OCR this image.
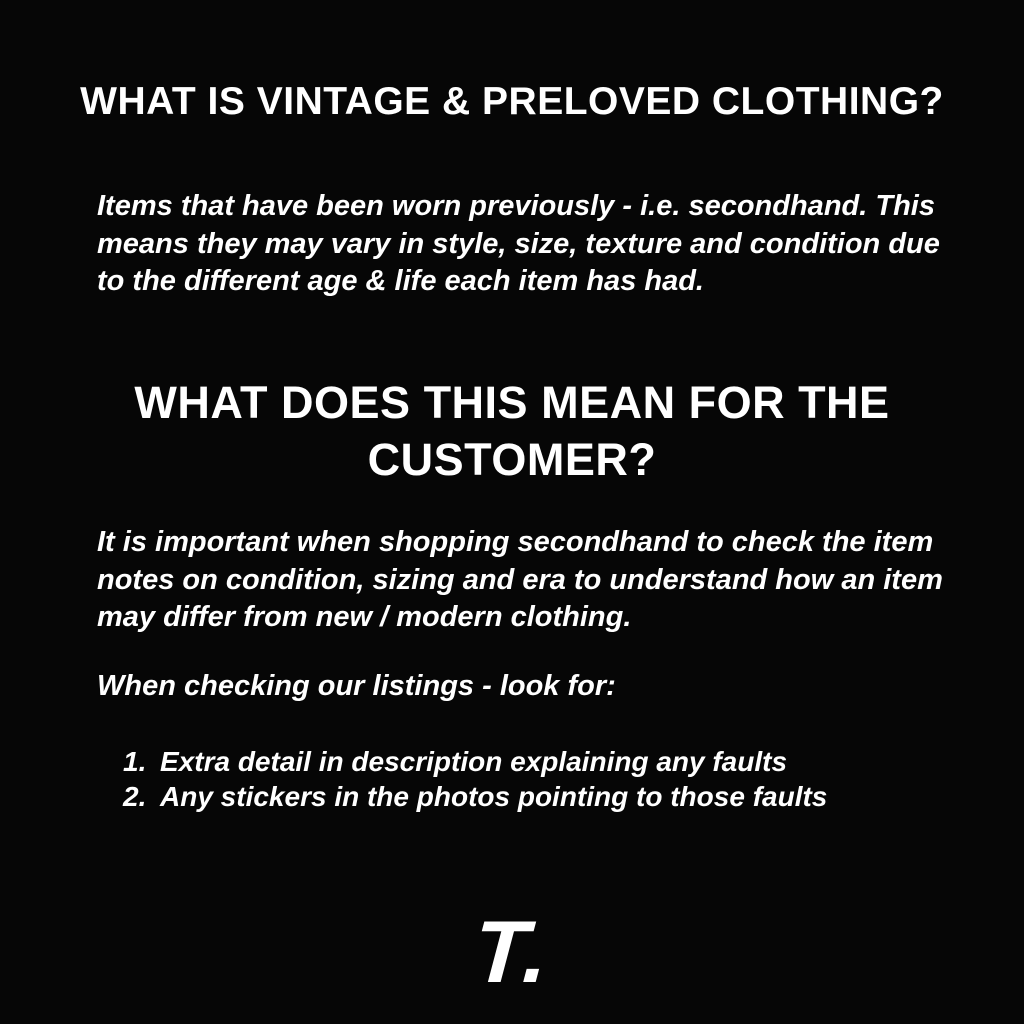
WHAT IS VINTAGE & PRELOVED CLOTHING?

Items that have been worn previously - i.e. secondhand. This
means they may vary in style, size, texture and condition due
to the different age & life each item has had.

WHAT DOES THIS MEAN FOR THE
CUSTOMER?

It is important when shopping secondhand to check the item
notes on condition, sizing and era to understand how an item
may differ from new / modern clothing.

When checking our listings - look for:

1. Extra detail in description explaining any faults
2. Any stickers in the photos pointing to those faults
T.
